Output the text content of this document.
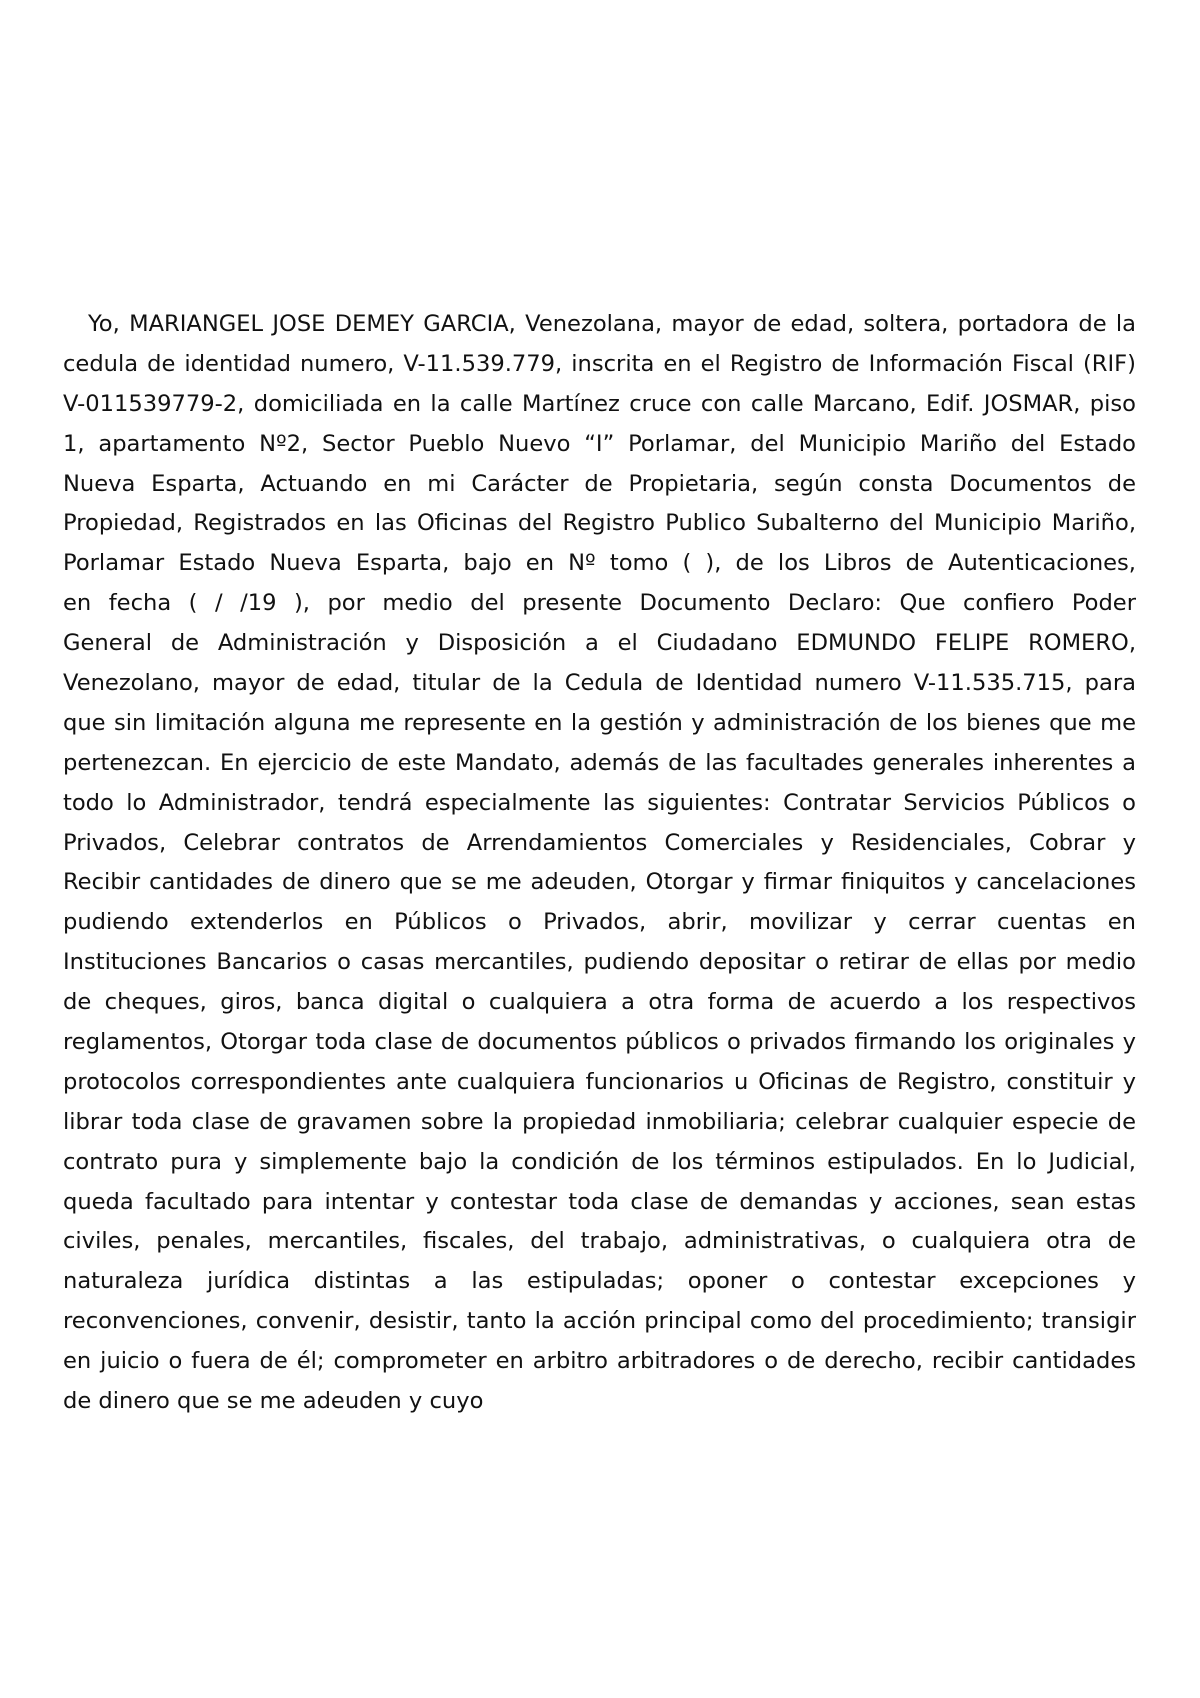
Yo, MARIANGEL JOSE DEMEY GARCIA, Venezolana, mayor de edad, soltera, portadora de la
cedula de identidad numero, V-11.539.779, inscrita en el Registro de Información Fiscal (RIF)
V-011539779-2, domiciliada en la calle Martínez cruce con calle Marcano, Edif. JOSMAR, piso
1, apartamento Nº2, Sector Pueblo Nuevo “I” Porlamar, del Municipio Mariño del Estado
Nueva Esparta, Actuando en mi Carácter de Propietaria, según consta Documentos de
Propiedad, Registrados en las Oficinas del Registro Publico Subalterno del Municipio Mariño,
Porlamar Estado Nueva Esparta, bajo en Nº tomo ( ), de los Libros de Autenticaciones,
en fecha ( / /19 ), por medio del presente Documento Declaro: Que confiero Poder
General de Administración y Disposición a el Ciudadano EDMUNDO FELIPE ROMERO,
Venezolano, mayor de edad, titular de la Cedula de Identidad numero V-11.535.715, para
que sin limitación alguna me represente en la gestión y administración de los bienes que me
pertenezcan. En ejercicio de este Mandato, además de las facultades generales inherentes a
todo lo Administrador, tendrá especialmente las siguientes: Contratar Servicios Públicos o
Privados, Celebrar contratos de Arrendamientos Comerciales y Residenciales, Cobrar y
Recibir cantidades de dinero que se me adeuden, Otorgar y firmar finiquitos y cancelaciones
pudiendo extenderlos en Públicos o Privados, abrir, movilizar y cerrar cuentas en
Instituciones Bancarios o casas mercantiles, pudiendo depositar o retirar de ellas por medio
de cheques, giros, banca digital o cualquiera a otra forma de acuerdo a los respectivos
reglamentos, Otorgar toda clase de documentos públicos o privados firmando los originales y
protocolos correspondientes ante cualquiera funcionarios u Oficinas de Registro, constituir y
librar toda clase de gravamen sobre la propiedad inmobiliaria; celebrar cualquier especie de
contrato pura y simplemente bajo la condición de los términos estipulados. En lo Judicial,
queda facultado para intentar y contestar toda clase de demandas y acciones, sean estas
civiles, penales, mercantiles, fiscales, del trabajo, administrativas, o cualquiera otra de
naturaleza jurídica distintas a las estipuladas; oponer o contestar excepciones y
reconvenciones, convenir, desistir, tanto la acción principal como del procedimiento; transigir
en juicio o fuera de él; comprometer en arbitro arbitradores o de derecho, recibir cantidades
de dinero que se me adeuden y cuyo
